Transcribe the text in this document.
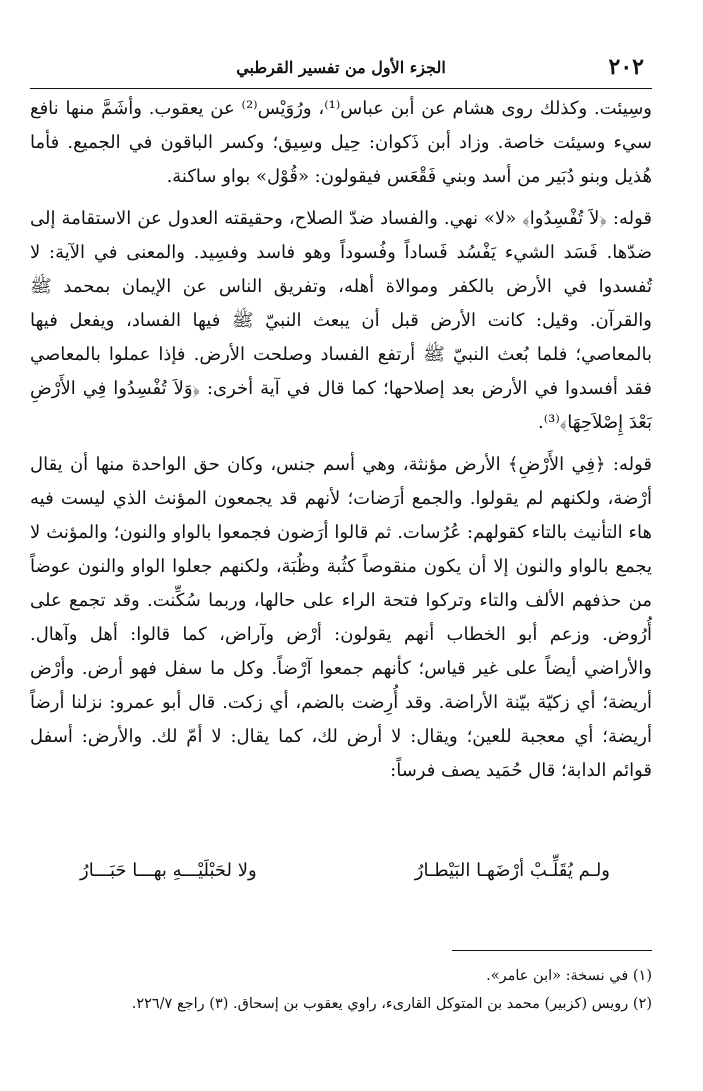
٢٠٢
الجزء الأول من تفسير القرطبي

وسِيئت. وكذلك روى هشام عن أبن عباس⁽¹⁾، ورُوَيْس⁽²⁾ عن يعقوب. وأشَمَّ منها نافع سيء وسيئت خاصة. وزاد أبن ذَكوان: حِيل وسِيق؛ وكسر الباقون في الجميع. فأما هُذيل وبنو دُبَير من أسد وبني فَقْعَس فيقولون: «قُوْل» بواو ساكنة.

قوله: ﴿لاَ تُفْسِدُوا﴾ «لا» نهي. والفساد ضدّ الصلاح، وحقيقته العدول عن الاستقامة إلى ضدّها. فَسَد الشيء يَفْسُد فَساداً وفُسوداً وهو فاسد وفسِيد. والمعنى في الآية: لا تُفسدوا في الأرض بالكفر وموالاة أهله، وتفريق الناس عن الإيمان بمحمد ﷺ والقرآن. وقيل: كانت الأرض قبل أن يبعث النبيّ ﷺ فيها الفساد، ويفعل فيها بالمعاصي؛ فلما بُعث النبيّ ﷺ أرتفع الفساد وصلحت الأرض. فإذا عملوا بالمعاصي فقد أفسدوا في الأرض بعد إصلاحها؛ كما قال في آية أخرى: ﴿وَلاَ تُفْسِدُوا فِي الأَرْضِ بَعْدَ إِصْلاَحِهَا﴾⁽³⁾.

قوله: ﴿فِي الأَرْضِ﴾ الأرض مؤنثة، وهي أسم جنس، وكان حق الواحدة منها أن يقال أرْضة، ولكنهم لم يقولوا. والجمع أرَضات؛ لأنهم قد يجمعون المؤنث الذي ليست فيه هاء التأنيث بالتاء كقولهم: عُرُسات. ثم قالوا أرَضون فجمعوا بالواو والنون؛ والمؤنث لا يجمع بالواو والنون إلا أن يكون منقوصاً كثُبة وظُبَة، ولكنهم جعلوا الواو والنون عوضاً من حذفهم الألف والتاء وتركوا فتحة الراء على حالها، وربما سُكِّنت. وقد تجمع على أُرُوض. وزعم أبو الخطاب أنهم يقولون: أرْض وآراض، كما قالوا: أهل وآهال. والأراضي أيضاً على غير قياس؛ كأنهم جمعوا آرْضاً. وكل ما سفل فهو أرض. وأرْض أريضة؛ أي زكيّة بيّنة الأراضة. وقد أُرِضت بالضم، أي زكت. قال أبو عمرو: نزلنا أرضاً أريضة؛ أي معجبة للعين؛ ويقال: لا أرض لك، كما يقال: لا أمّ لك. والأرض: أسفل قوائم الدابة؛ قال حُمَيد يصف فرساً:

ولـم يُقَلِّـبْ أرْضَهـا البَيْطـارُ
ولا لحَبْلَيْـــهِ بهـــا حَبَـــارُ
(١) في نسخة: «ابن عامر».
(٢) رويس (كزبير) محمد بن المتوكل القارىء، راوي يعقوب بن إسحاق. (٣) راجع ٢٢٦/٧.
